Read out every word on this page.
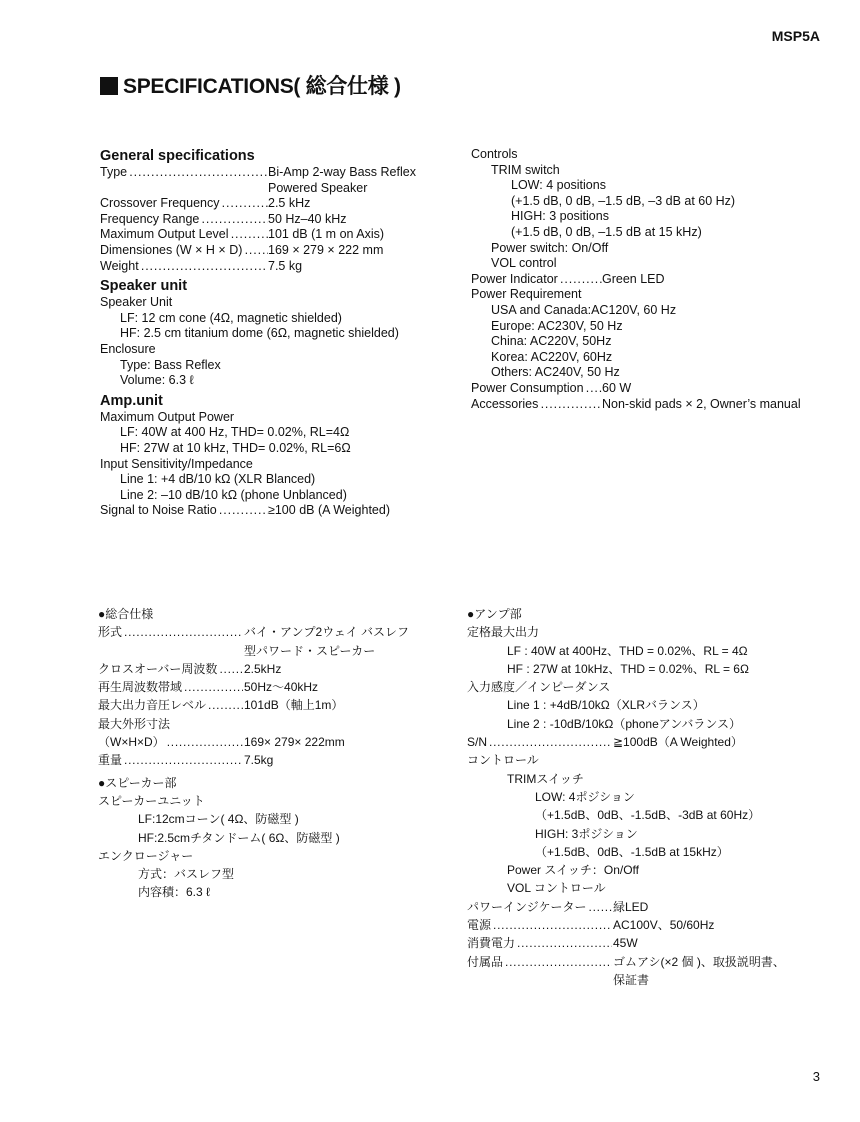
MSP5A
SPECIFICATIONS( 総合仕様 )
General specifications
Type . . .	Bi-Amp 2-way Bass Reflex
Powered Speaker
Crossover Frequency . . .	2.5 kHz
Frequency Range . . .	50 Hz–40 kHz
Maximum Output Level . . .	101 dB (1 m on Axis)
Dimensiones (W × H × D) . . .	169 × 279 × 222 mm
Weight . . .	7.5 kg
Speaker unit
Speaker Unit
LF: 12 cm cone (4Ω, magnetic shielded)
HF: 2.5 cm titanium dome (6Ω, magnetic shielded)
Enclosure
Type: Bass Reflex
Volume: 6.3 ℓ
Amp.unit
Maximum Output Power
LF: 40W at 400 Hz, THD= 0.02%, RL=4Ω
HF: 27W at 10 kHz, THD= 0.02%, RL=6Ω
Input Sensitivity/Impedance
Line 1: +4 dB/10 kΩ (XLR Blanced)
Line 2: –10 dB/10 kΩ (phone Unblanced)
Signal to Noise Ratio . . .	≥100 dB (A Weighted)
Controls
TRIM switch
LOW: 4 positions
(+1.5 dB, 0 dB, –1.5 dB, –3 dB at 60 Hz)
HIGH: 3 positions
(+1.5 dB, 0 dB, –1.5 dB at 15 kHz)
Power switch: On/Off
VOL control
Power Indicator . . .	Green LED
Power Requirement
USA and Canada:AC120V, 60 Hz
Europe: AC230V, 50 Hz
China: AC220V, 50Hz
Korea: AC220V, 60Hz
Others: AC240V, 50 Hz
Power Consumption . . .	60 W
Accessories . . .	Non-skid pads × 2, Owner’s manual
●総合仕様
形式 . . .	バイ・アンプ2ウェイ バスレフ
型パワード・スピーカー
クロスオーバー周波数 . . .	2.5kHz
再生周波数帯域 . . .	50Hz～40kHz
最大出力音圧レベル . . .	101dB（軸上1m）
最大外形寸法
（W×H×D） . . .	169× 279× 222mm
重量 . . .	7.5kg
●スピーカー部
スピーカーユニット
LF:12cmコーン( 4Ω、防磁型 )
HF:2.5cmチタンドーム( 6Ω、防磁型 )
エンクロージャー
方式：バスレフ型
内容積：6.3 ℓ
●アンプ部
定格最大出力
LF : 40W at 400Hz、THD = 0.02%、RL = 4Ω
HF : 27W at 10kHz、THD = 0.02%、RL = 6Ω
入力感度／インピーダンス
Line 1 : +4dB/10kΩ（XLRバランス）
Line 2 : -10dB/10kΩ（phoneアンバランス）
S/N . . .	≧100dB（A Weighted）
コントロール
TRIMスイッチ
LOW: 4ポジション
（+1.5dB、0dB、-1.5dB、-3dB at 60Hz）
HIGH: 3ポジション
（+1.5dB、0dB、-1.5dB at 15kHz）
Power スイッチ：On/Off
VOL コントロール
パワーインジケーター . . .	緑LED
電源 . . .	AC100V、50/60Hz
消費電力 . . .	45W
付属品 . . .	ゴムアシ(×2 個 )、取扱説明書、
保証書
3
